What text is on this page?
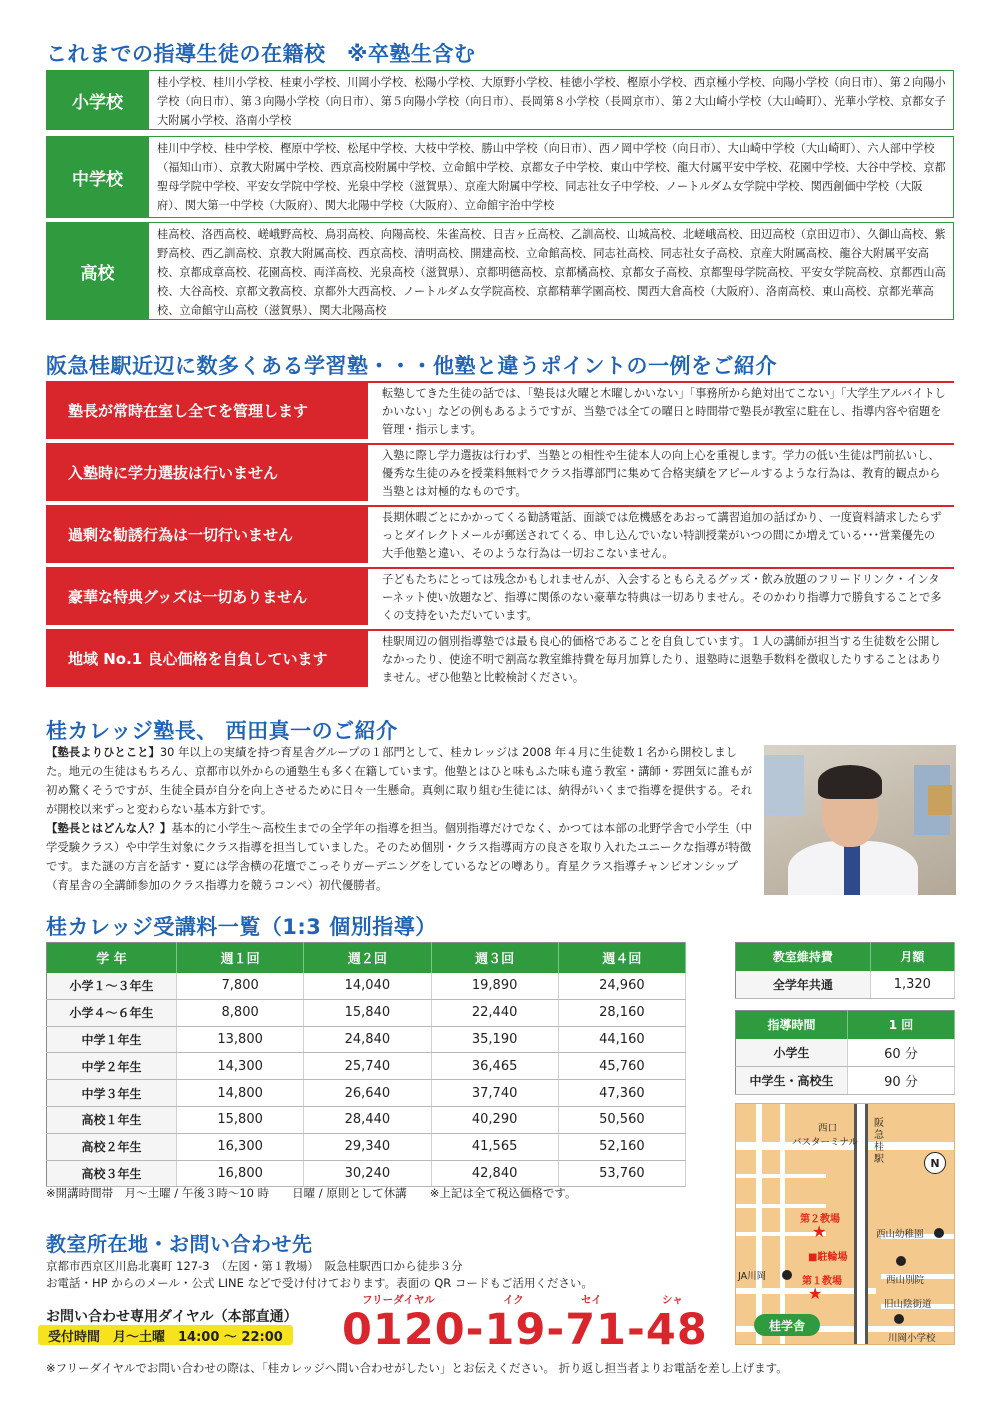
これまでの指導生徒の在籍校　※卒塾生含む
小学校
桂小学校、桂川小学校、桂東小学校、川岡小学校、松陽小学校、大原野小学校、桂徳小学校、樫原小学校、西京極小学校、向陽小学校（向日市）、第２向陽小学校（向日市）、第３向陽小学校（向日市）、第５向陽小学校（向日市）、長岡第８小学校（長岡京市）、第２大山崎小学校（大山崎町）、光華小学校、京都女子大附属小学校、洛南小学校
中学校
桂川中学校、桂中学校、樫原中学校、松尾中学校、大枝中学校、勝山中学校（向日市）、西ノ岡中学校（向日市）、大山崎中学校（大山崎町）、六人部中学校（福知山市）、京教大附属中学校、西京高校附属中学校、立命館中学校、京都女子中学校、東山中学校、龍大付属平安中学校、花園中学校、大谷中学校、京都聖母学院中学校、平安女学院中学校、光泉中学校（滋賀県）、京産大附属中学校、同志社女子中学校、ノートルダム女学院中学校、関西創価中学校（大阪府）、関大第一中学校（大阪府）、関大北陽中学校（大阪府）、立命館宇治中学校
高校
桂高校、洛西高校、嵯峨野高校、鳥羽高校、向陽高校、朱雀高校、日吉ヶ丘高校、乙訓高校、山城高校、北嵯峨高校、田辺高校（京田辺市）、久御山高校、紫野高校、西乙訓高校、京教大附属高校、西京高校、清明高校、開建高校、立命館高校、同志社高校、同志社女子高校、京産大附属高校、龍谷大附属平安高校、京都成章高校、花園高校、両洋高校、光泉高校（滋賀県）、京都明德高校、京都橘高校、京都女子高校、京都聖母学院高校、平安女学院高校、京都西山高校、大谷高校、京都文教高校、京都外大西高校、ノートルダム女学院高校、京都精華学園高校、関西大倉高校（大阪府）、洛南高校、東山高校、京都光華高校、立命館守山高校（滋賀県）、関大北陽高校
阪急桂駅近辺に数多くある学習塾・・・他塾と違うポイントの一例をご紹介
塾長が常時在室し全てを管理します
転塾してきた生徒の話では、「塾長は火曜と木曜しかいない」「事務所から絶対出てこない」「大学生アルバイトしかいない」などの例もあるようですが、当塾では全ての曜日と時間帯で塾長が教室に駐在し、指導内容や宿題を管理・指示します。
入塾時に学力選抜は行いません
入塾に際し学力選抜は行わず、当塾との相性や生徒本人の向上心を重視します。学力の低い生徒は門前払いし、優秀な生徒のみを授業料無料でクラス指導部門に集めて合格実績をアピールするような行為は、教育的観点から当塾とは対極的なものです。
過剰な勧誘行為は一切行いません
長期休暇ごとにかかってくる勧誘電話、面談では危機感をあおって講習追加の話ばかり、一度資料請求したらずっとダイレクトメールが郵送されてくる、申し込んでいない特訓授業がいつの間にか増えている･･･営業優先の大手他塾と違い、そのような行為は一切おこないません。
豪華な特典グッズは一切ありません
子どもたちにとっては残念かもしれませんが、入会するともらえるグッズ・飲み放題のフリードリンク・インターネット使い放題など、指導に関係のない豪華な特典は一切ありません。そのかわり指導力で勝負することで多くの支持をいただいています。
地域 No.1 良心価格を自負しています
桂駅周辺の個別指導塾では最も良心的価格であることを自負しています。１人の講師が担当する生徒数を公開しなかったり、使途不明で割高な教室維持費を毎月加算したり、退塾時に退塾手数料を徴収したりすることはありません。ぜひ他塾と比較検討ください。
桂カレッジ塾長、 西田真一のご紹介
【塾長よりひとこと】30 年以上の実績を持つ育星舎グループの１部門として、桂カレッジは 2008 年４月に生徒数１名から開校しました。地元の生徒はもちろん、京都市以外からの通塾生も多く在籍しています。他塾とはひと味もふた味も違う教室・講師・雰囲気に誰もが初め驚くそうですが、生徒全員が自分を向上させるために日々一生懸命。真剣に取り組む生徒には、納得がいくまで指導を提供する。それが開校以来ずっと変わらない基本方針です。
【塾長とはどんな人？】基本的に小学生～高校生までの全学年の指導を担当。個別指導だけでなく、かつては本部の北野学舎で小学生（中学受験クラス）や中学生対象にクラス指導を担当していました。そのため個別・クラス指導両方の良さを取り入れたユニークな指導が特徴です。また謎の方言を話す・夏には学舎横の花壇でこっそりガーデニングをしているなどの噂あり。育星クラス指導チャンピオンシップ（育星舎の全講師参加のクラス指導力を競うコンペ）初代優勝者。
桂カレッジ受講料一覧（1:3 個別指導）
学 年	週１回	週２回	週３回	週４回
小学１～３年生	7,800	14,040	19,890	24,960
小学４～６年生	8,800	15,840	22,440	28,160
中学１年生	13,800	24,840	35,190	44,160
中学２年生	14,300	25,740	36,465	45,760
中学３年生	14,800	26,640	37,740	47,360
高校１年生	15,800	28,440	40,290	50,560
高校２年生	16,300	29,340	41,565	52,160
高校３年生	16,800	30,240	42,840	53,760
※開講時間帯　月～土曜 / 午後３時～10 時　　日曜 / 原則として休講　　※上記は全て税込価格です。
教室維持費	月額
全学年共通	1,320
指導時間	1 回
小学生	60 分
中学生・高校生	90 分
西口
バスターミナル
阪急桂駅	N
第２教場
★
■駐輪場
第１教場
★
JA川岡
西山幼稚園
西山別院
旧山陰街道
川岡小学校
桂学舎
教室所在地・お問い合わせ先
京都市西京区川島北裏町 127-3　（左図・第１教場）　阪急桂駅西口から徒歩３分
お電話・HP からのメール・公式 LINE などで受け付けております。表面の QR コードもご活用ください。
お問い合わせ専用ダイヤル（本部直通）
受付時間　月～土曜　14:00 ～ 22:00
フリーダイヤル	イク	セイ	シャ
0120-19-71-48
※フリーダイヤルでお問い合わせの際は、「桂カレッジへ問い合わせがしたい」とお伝えください。 折り返し担当者よりお電話を差し上げます。
